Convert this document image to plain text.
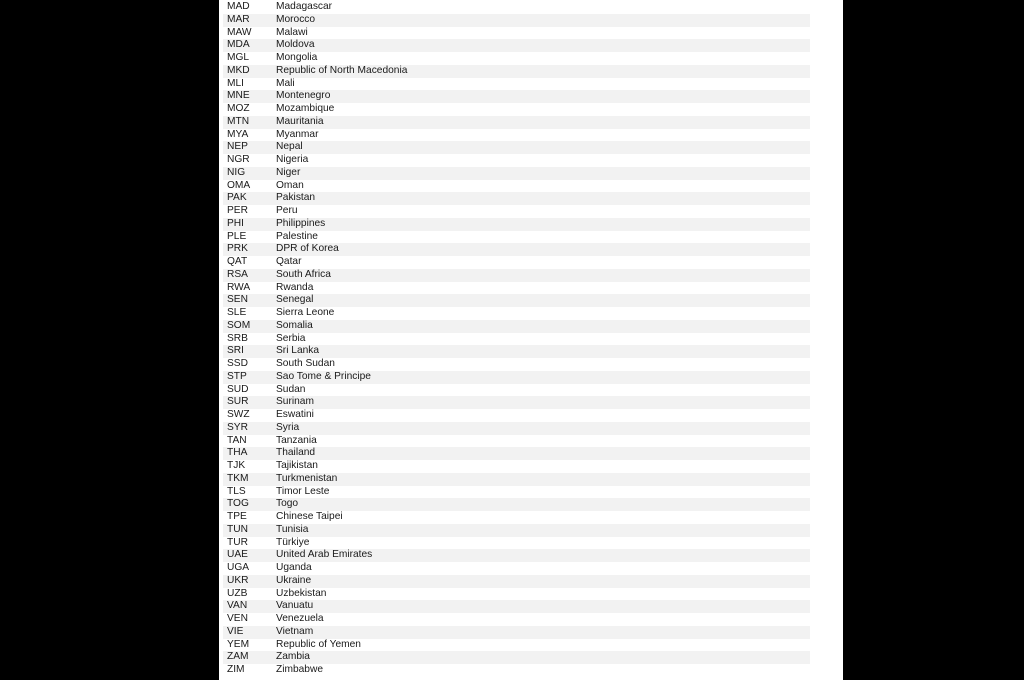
MAD	Madagascar
MAR	Morocco
MAW	Malawi
MDA	Moldova
MGL	Mongolia
MKD	Republic of North Macedonia
MLI	Mali
MNE	Montenegro
MOZ	Mozambique
MTN	Mauritania
MYA	Myanmar
NEP	Nepal
NGR	Nigeria
NIG	Niger
OMA	Oman
PAK	Pakistan
PER	Peru
PHI	Philippines
PLE	Palestine
PRK	DPR of Korea
QAT	Qatar
RSA	South Africa
RWA	Rwanda
SEN	Senegal
SLE	Sierra Leone
SOM	Somalia
SRB	Serbia
SRI	Sri Lanka
SSD	South Sudan
STP	Sao Tome & Principe
SUD	Sudan
SUR	Surinam
SWZ	Eswatini
SYR	Syria
TAN	Tanzania
THA	Thailand
TJK	Tajikistan
TKM	Turkmenistan
TLS	Timor Leste
TOG	Togo
TPE	Chinese Taipei
TUN	Tunisia
TUR	Türkiye
UAE	United Arab Emirates
UGA	Uganda
UKR	Ukraine
UZB	Uzbekistan
VAN	Vanuatu
VEN	Venezuela
VIE	Vietnam
YEM	Republic of Yemen
ZAM	Zambia
ZIM	Zimbabwe
